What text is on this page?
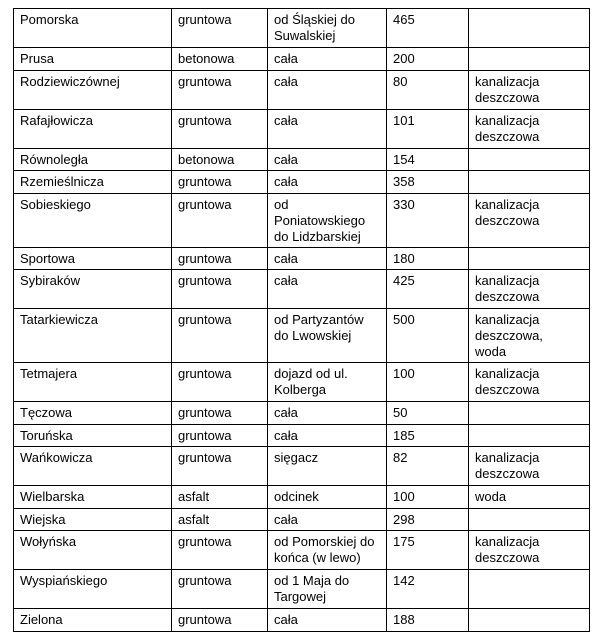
Pomorska	gruntowa	od Śląskiej do
Suwalskiej	465	
Prusa	betonowa	cała	200	
Rodziewiczównej	gruntowa	cała	80	kanalizacja
deszczowa
Rafajłowicza	gruntowa	cała	101	kanalizacja
deszczowa
Równoległa	betonowa	cała	154	
Rzemieślnicza	gruntowa	cała	358	
Sobieskiego	gruntowa	od
Poniatowskiego
do Lidzbarskiej	330	kanalizacja
deszczowa
Sportowa	gruntowa	cała	180	
Sybiraków	gruntowa	cała	425	kanalizacja
deszczowa
Tatarkiewicza	gruntowa	od Partyzantów
do Lwowskiej	500	kanalizacja
deszczowa,
woda
Tetmajera	gruntowa	dojazd od ul.
Kolberga	100	kanalizacja
deszczowa
Tęczowa	gruntowa	cała	50	
Toruńska	gruntowa	cała	185	
Wańkowicza	gruntowa	sięgacz	82	kanalizacja
deszczowa
Wielbarska	asfalt	odcinek	100	woda
Wiejska	asfalt	cała	298	
Wołyńska	gruntowa	od Pomorskiej do
końca (w lewo)	175	kanalizacja
deszczowa
Wyspiańskiego	gruntowa	od 1 Maja do
Targowej	142	
Zielona	gruntowa	cała	188	
